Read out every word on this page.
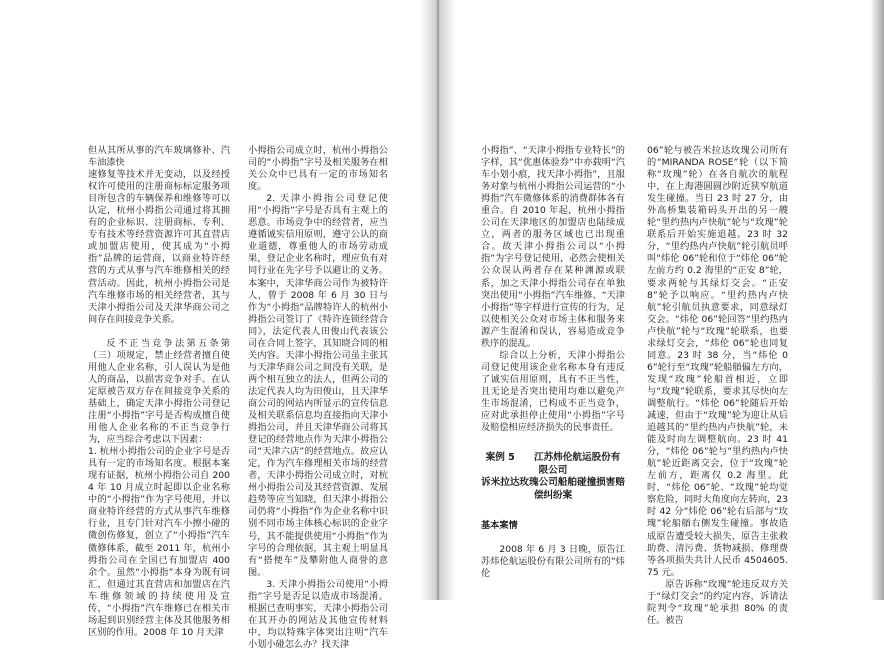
但从其所从事的汽车玻璃修补、汽车油漆快

速修复等技术并无变动，以及经授权许可使用的注册商标标定服务项目所包含的车辆保养和维修等可以认定，杭州小拇指公司通过将其拥有的企业标识、注册商标、专利、专有技术等经营资源许可其直营店或加盟店使用，使其成为“小拇指”品牌的运营商，以商业特许经营的方式从事与汽车维修相关的经营活动。因此，杭州小拇指公司是汽车维修市场的相关经营者，其与天津小拇指公司及天津华商公司之间存在间接竞争关系。

反不正当竞争法第五条第（三）项规定，禁止经营者擅自使用他人企业名称，引人误认为是他人的商品，以损害竞争对手。在认定原被告双方存在间接竞争关系的基础上，确定天津小拇指公司登记注册“小拇指”字号是否构成擅自使用他人企业名称的不正当竞争行为，应当综合考虑以下因素：

1. 杭州小拇指公司的企业字号是否具有一定的市场知名度。根据本案现有证据，杭州小拇指公司自 2004 年 10 月成立时起即以企业名称中的“小拇指”作为字号使用，并以商业特许经营的方式从事汽车维修行业，且专门针对汽车小擦小碰的微创伤修复，创立了“小拇指”汽车微修体系，截至 2011 年，杭州小拇指公司在全国已有加盟店 400 余个。虽然“小拇指”本身为既有词汇，但通过其直营店和加盟店在汽车维修领域的持续使用及宣传，“小拇指”汽车维修已在相关市场起到识别经营主体及其他服务相区别的作用。2008 年 10 月天津

小拇指公司成立时，杭州小拇指公司的“小拇指”字号及相关服务在相关公众中已具有一定的市场知名度。

2. 天津小拇指公司登记使用“小拇指”字号是否具有主观上的恶意。市场竞争中的经营者，应当遵循诚实信用原则，遵守公认的商业道德，尊重他人的市场劳动成果，登记企业名称时，理应负有对同行业在先字号予以避让的义务。本案中，天津华商公司作为被特许人，曾于 2008 年 6 月 30 日与作为“小拇指”品牌特许人的杭州小拇指公司签订了《特许连锁经营合同》，法定代表人田俊山代表该公司在合同上签字，其知晓合同的相关内容。天津小拇指公司虽主张其与天津华商公司之间没有关联，是两个相互独立的法人，但两公司的法定代表人均为田俊山，且天津华商公司的网站内所显示的宣传信息及相关联系信息均直接指向天津小拇指公司，并且天津华商公司将其登记的经营地点作为天津小拇指公司“天津六店”的经营地点。故应认定，作为汽车修理相关市场的经营者，天津小拇指公司成立时，对杭州小拇指公司及其经营资源、发展趋势等应当知晓，但天津小拇指公司仍将“小拇指”作为企业名称中识别不同市场主体核心标识的企业字号，其不能提供使用“小拇指”作为字号的合理依据，其主观上明显具有“搭便车”及攀附他人商誉的意图。

3. 天津小拇指公司使用“小拇指”字号是否足以造成市场混淆。根据已查明事实，天津小拇指公司在其开办的网站及其他宣传材料中，均以特殊字体突出注明“汽车小划小碰怎么办？找天津

小拇指”、“天津小拇指专业特长”的字样，其“优惠体验券”中亦载明“汽车小划小痕，找天津小拇指”，且服务对象与杭州小拇指公司运营的“小拇指”汽车微修体系的消费群体各有重合。自 2010 年起，杭州小拇指公司在天津地区的加盟店也陆续成立，两者的服务区域也已出现重合。故天津小拇指公司以“小拇指”为字号登记使用，必然会使相关公众误认两者存在某种渊源或联系，加之天津小拇指公司存在单独突出使用“小拇指”汽车维修、“天津小拇指”等字样进行宣传的行为，足以使相关公众对市场主体和服务来源产生混淆和误认，容易造成竞争秩序的混乱。

综合以上分析，天津小拇指公司登记使用该企业名称本身有违反了诚实信用原则，具有不正当性，且无论是否突出使用均难以避免产生市场混淆，已构成不正当竞争，应对此承担停止使用“小拇指”字号及赔偿相应经济损失的民事责任。

案例 5　　江苏炜伦航运股份有限公司

诉米拉达玫瑰公司船舶碰撞损害赔

偿纠纷案

基本案情

2008 年 6 月 3 日晚，原告江苏炜伦航运股份有限公司所有的“炜伦

06”轮与被告米拉达玫瑰公司所有的“MIRANDA ROSE”轮（以下简称“玫瑰”轮）在各自航次的航程中，在上海港圆圆沙附近狭窄航道发生碰撞。当日 23 时 27 分，由外高桥集装箱码头开出的另一艘轮“里约热内卢快航”轮与“玫瑰”轮联系后开始实施追越。23 时 32 分，“里约热内卢快航”轮引航员呼叫“炜伦 06”轮和位于“炜伦 06”轮左前方约 0.2 海里的“正安 8”轮，要求两轮与其绿灯交会。“正安 8”轮予以响应。“里约热内卢快航”轮引航员执意要求，同意绿灯交会。“炜伦 06”轮回答“里约热内卢快航”轮与“玫瑰”轮联系，也要求绿灯交会，“炜伦 06”轮也同复同意。23 时 38 分，当“炜伦 06”轮行至“玫瑰”轮船艏偏左方向，发现“玫瑰”轮船首相近，立即与“玫瑰”轮联系，要求其尽快向左调整航行。“炜伦 06”轮随后开始减速，但由于“玫瑰”轮为迎让从后追越其的“里约热内卢快航”轮，未能及时向左调整航向。23 时 41 分，“炜伦 06”轮与“里约热内卢快航”轮近距离交会，位于“玫瑰”轮左前方，距离仅 0.2 海里。此时，“炜伦 06”轮、“玫瑰”轮均觉察危险，同时大角度向左转向，23 时 42 分“炜伦 06”轮右后部与“玫瑰”轮船艏右侧发生碰撞。事故造成原告遭受较大损失，原告主张救助费、清污费、货物减损、修理费等各项损失共计人民币 4504605.75 元。

原告诉称“玫瑰”轮违反双方关于“绿灯交会”的约定内容，诉请法院判令“玫瑰”轮承担 80% 的责任。被告
